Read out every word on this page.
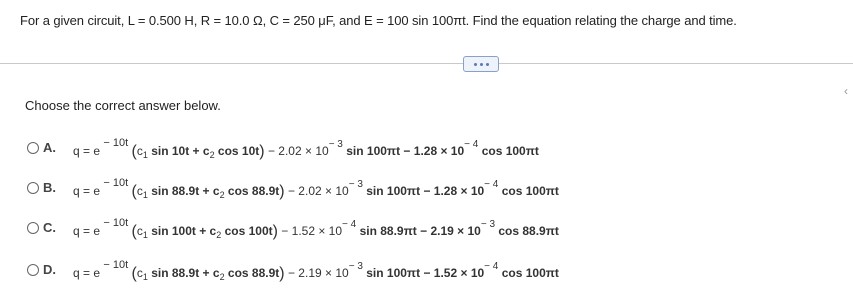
For a given circuit, L = 0.500 H, R = 10.0 Ω, C = 250 μF, and E = 100 sin 100πt. Find the equation relating the charge and time.
‹
Choose the correct answer below.
A. q = e − 10t ($c_1$ $\sin 10t + c_2$ $\cos 10t) - 2.02 \times 10^{- 3}$ $\sin 100\pi t - 1.28 \times 10^{- 4}$ cos 100πt
B. q = e − 10t ($c_1$ $\sin 88.9t + c_2$ $\cos 88.9t) - 2.02 \times 10^{- 3}$ $\sin 100\pi t - 1.28 \times 10^{- 4}$ cos 100πt
C. q = e − 10t ($c_1$ $\sin 100t + c_2$ $\cos 100t) - 1.52 \times 10^{- 4}$ $\sin 88.9\pi t - 2.19 \times 10^{- 3}$ cos 88.9πt
D. q = e − 10t ($c_1$ $\sin 88.9t + c_2$ $\cos 88.9t) - 2.19 \times 10^{- 3}$ $\sin 100\pi t - 1.52 \times 10^{- 4}$ cos 100πt
